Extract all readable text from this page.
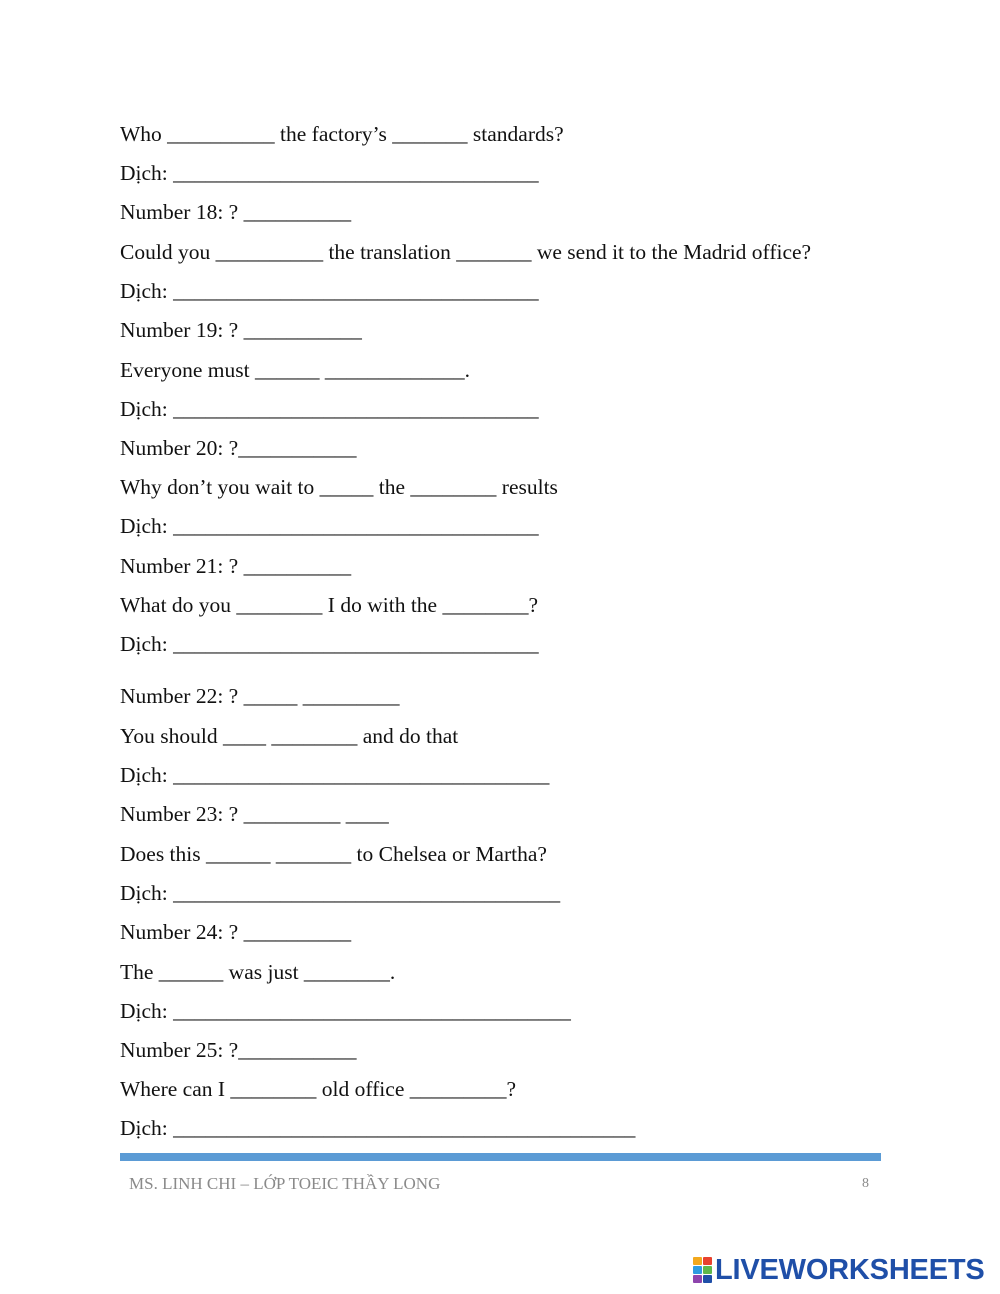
Who __________ the factory’s _______ standards?
Dịch: __________________________________
Number 18: ? __________
Could you __________ the translation _______ we send it to the Madrid office?
Dịch: __________________________________
Number 19: ? ___________
Everyone must ______ _____________.
Dịch: __________________________________
Number 20: ?___________
Why don’t you wait to _____ the ________ results
Dịch: __________________________________
Number 21: ? __________
What do you ________ I do with the ________?
Dịch: __________________________________
Number 22: ? _____ _________
You should ____ ________ and do that
Dịch: ___________________________________
Number 23: ? _________ ____
Does this ______ _______ to Chelsea or Martha?
Dịch: ____________________________________
Number 24: ? __________
The ______ was just ________.
Dịch: _____________________________________
Number 25: ?___________
Where can I ________ old office _________?
Dịch: ___________________________________________
MS. LINH CHI – LỚP TOEIC THẦY LONG	8
LIVEWORKSHEETS
